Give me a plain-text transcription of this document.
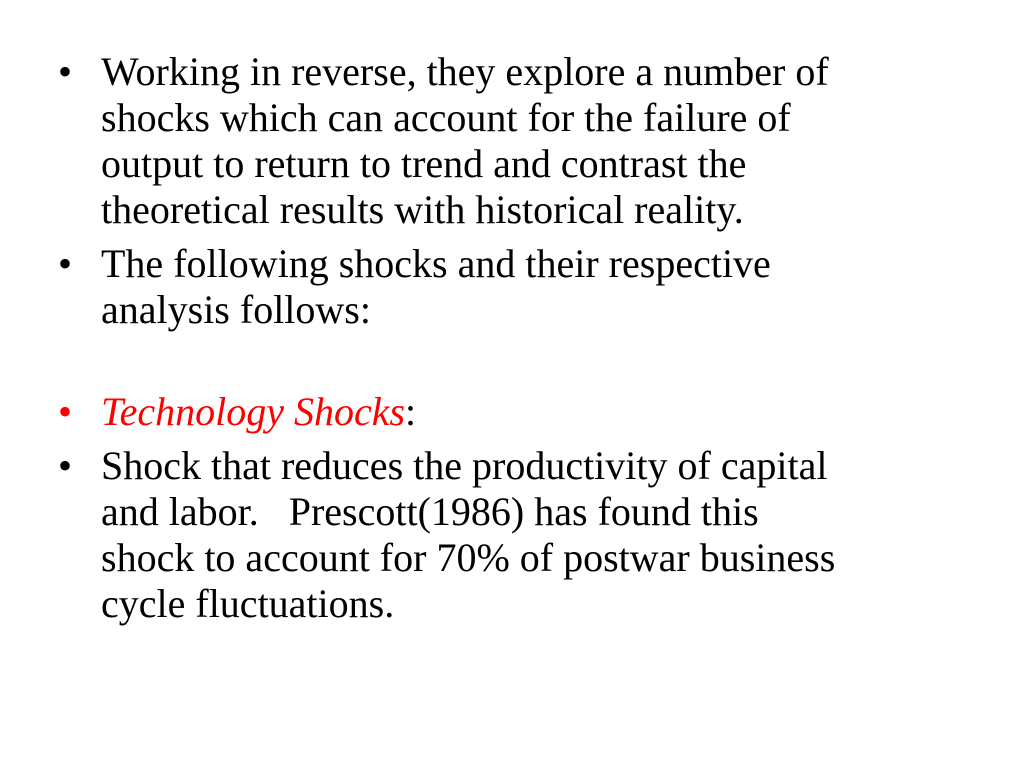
• Working in reverse, they explore a number of
shocks which can account for the failure of
output to return to trend and contrast the
theoretical results with historical reality.
• The following shocks and their respective
analysis follows:
• Technology Shocks:
• Shock that reduces the productivity of capital
and labor.   Prescott(1986) has found this
shock to account for 70% of postwar business
cycle fluctuations.
